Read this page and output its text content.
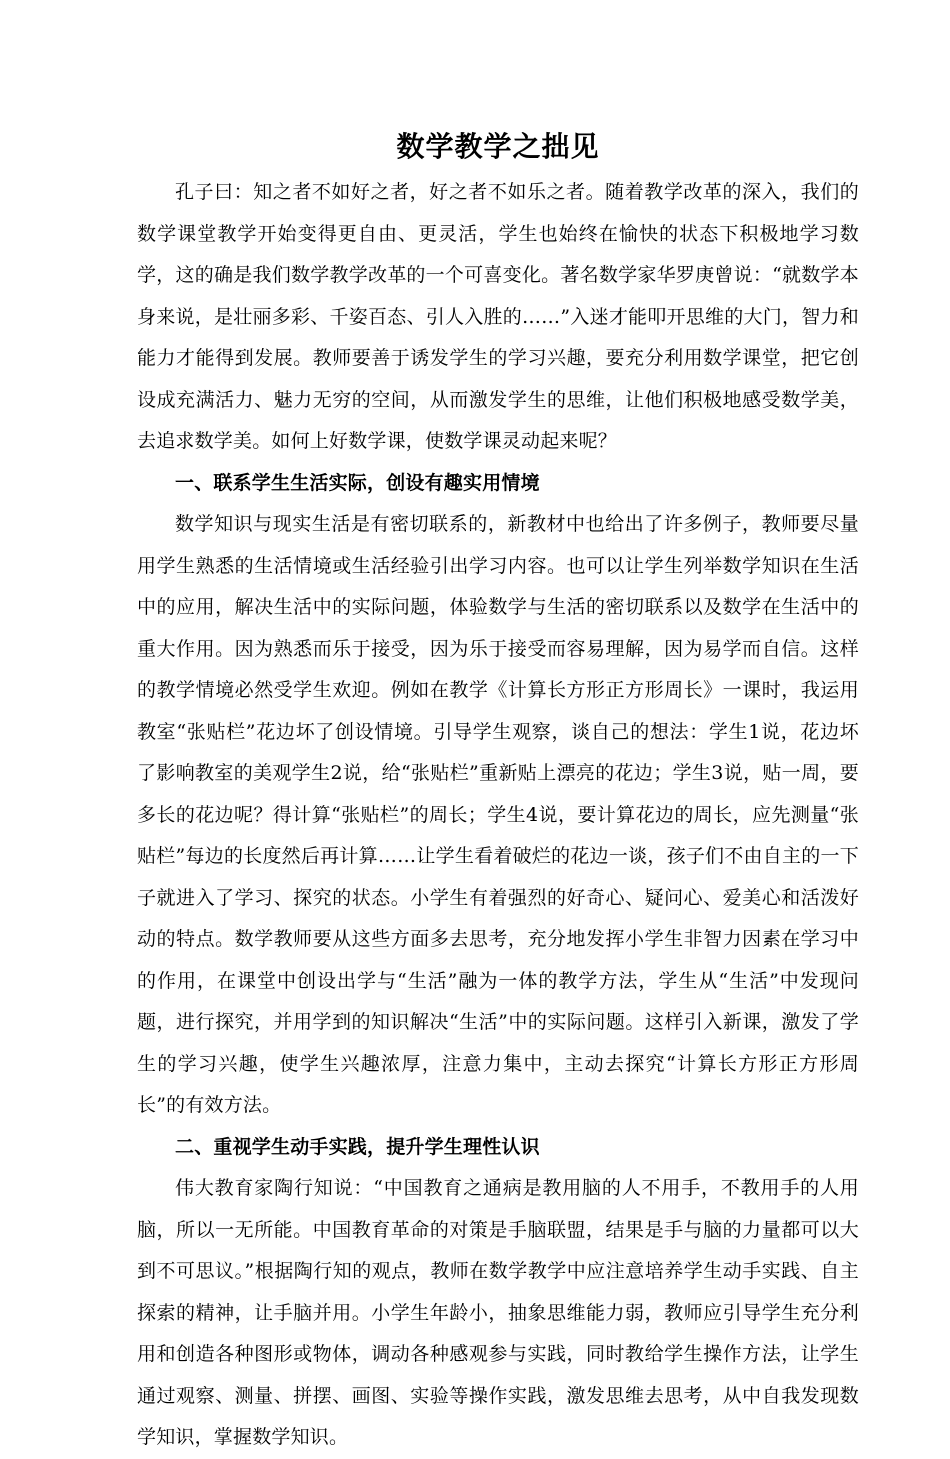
数学教学之拙见

孔子曰：知之者不如好之者，好之者不如乐之者。随着教学改革的深入，我们的数学课堂教学开始变得更自由、更灵活，学生也始终在愉快的状态下积极地学习数学，这的确是我们数学教学改革的一个可喜变化。著名数学家华罗庚曾说：“就数学本身来说，是壮丽多彩、千姿百态、引人入胜的……”入迷才能叩开思维的大门，智力和能力才能得到发展。教师要善于诱发学生的学习兴趣，要充分利用数学课堂，把它创设成充满活力、魅力无穷的空间，从而激发学生的思维，让他们积极地感受数学美，去追求数学美。如何上好数学课，使数学课灵动起来呢？

一、联系学生生活实际，创设有趣实用情境

数学知识与现实生活是有密切联系的，新教材中也给出了许多例子，教师要尽量用学生熟悉的生活情境或生活经验引出学习内容。也可以让学生列举数学知识在生活中的应用，解决生活中的实际问题，体验数学与生活的密切联系以及数学在生活中的重大作用。因为熟悉而乐于接受，因为乐于接受而容易理解，因为易学而自信。这样的教学情境必然受学生欢迎。例如在教学《计算长方形正方形周长》一课时，我运用教室“张贴栏”花边坏了创设情境。引导学生观察，谈自己的想法：学生1说，花边坏了影响教室的美观学生2说，给“张贴栏”重新贴上漂亮的花边；学生3说，贴一周，要多长的花边呢？得计算“张贴栏”的周长；学生4说，要计算花边的周长，应先测量“张贴栏”每边的长度然后再计算……让学生看着破烂的花边一谈，孩子们不由自主的一下子就进入了学习、探究的状态。小学生有着强烈的好奇心、疑问心、爱美心和活泼好动的特点。数学教师要从这些方面多去思考，充分地发挥小学生非智力因素在学习中的作用，在课堂中创设出学与“生活”融为一体的教学方法，学生从“生活”中发现问题，进行探究，并用学到的知识解决“生活”中的实际问题。这样引入新课，激发了学生的学习兴趣，使学生兴趣浓厚，注意力集中，主动去探究“计算长方形正方形周长”的有效方法。

二、重视学生动手实践，提升学生理性认识

伟大教育家陶行知说：“中国教育之通病是教用脑的人不用手，不教用手的人用脑，所以一无所能。中国教育革命的对策是手脑联盟，结果是手与脑的力量都可以大到不可思议。”根据陶行知的观点，教师在数学教学中应注意培养学生动手实践、自主探索的精神，让手脑并用。小学生年龄小，抽象思维能力弱，教师应引导学生充分利用和创造各种图形或物体，调动各种感观参与实践，同时教给学生操作方法，让学生通过观察、测量、拼摆、画图、实验等操作实践，激发思维去思考，从中自我发现数学知识，掌握数学知识。
